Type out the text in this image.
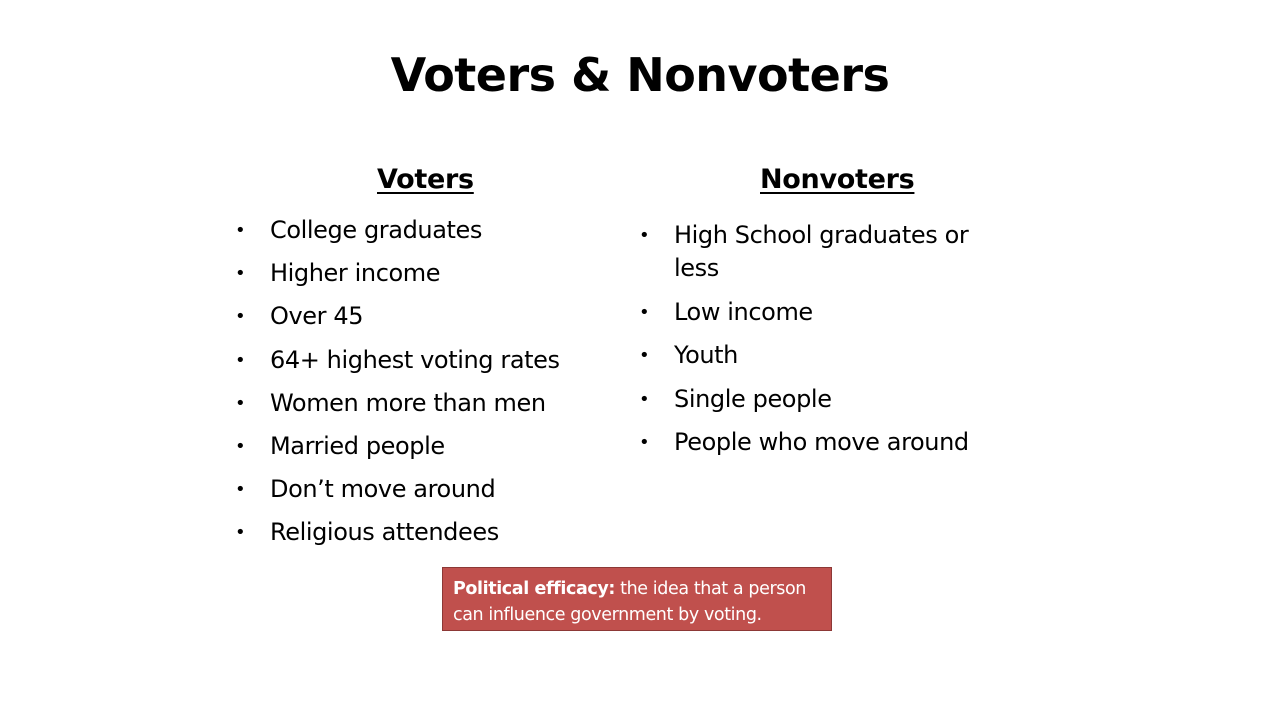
Voters & Nonvoters
Voters	Nonvoters
• College graduates
• Higher income
• Over 45
• 64+ highest voting rates
• Women more than men
• Married people
• Don’t move around
• Religious attendees
• High School graduates or less
• Low income
• Youth
• Single people
• People who move around
Political efficacy: the idea that a person can influence government by voting.
